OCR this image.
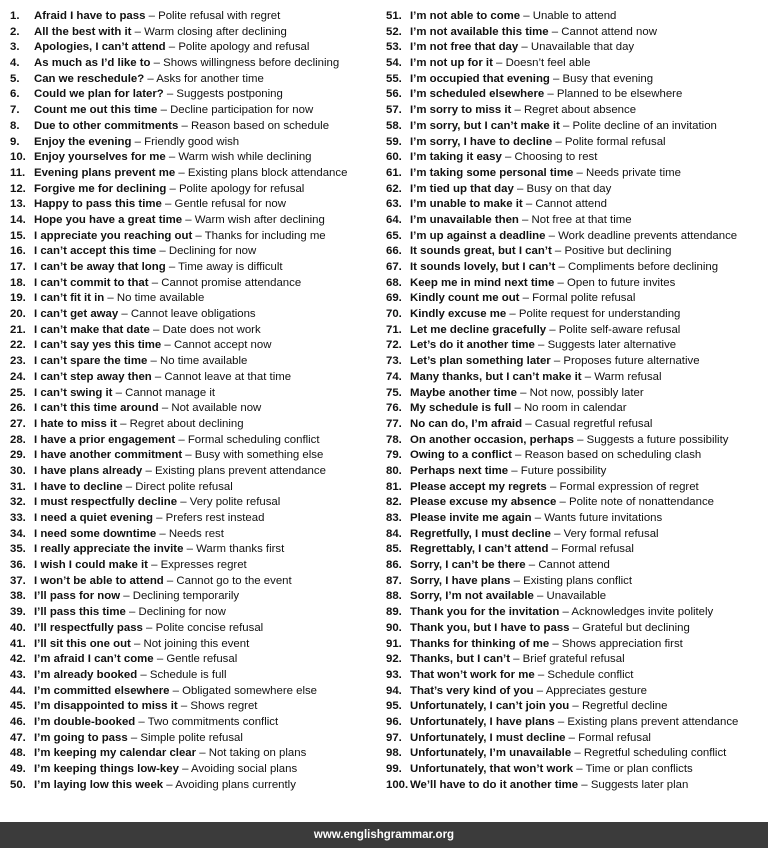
1. Afraid I have to pass – Polite refusal with regret
2. All the best with it – Warm closing after declining
3. Apologies, I can’t attend – Polite apology and refusal
4. As much as I’d like to – Shows willingness before declining
5. Can we reschedule? – Asks for another time
6. Could we plan for later? – Suggests postponing
7. Count me out this time – Decline participation for now
8. Due to other commitments – Reason based on schedule
9. Enjoy the evening – Friendly good wish
10. Enjoy yourselves for me – Warm wish while declining
11. Evening plans prevent me – Existing plans block attendance
12. Forgive me for declining – Polite apology for refusal
13. Happy to pass this time – Gentle refusal for now
14. Hope you have a great time – Warm wish after declining
15. I appreciate you reaching out – Thanks for including me
16. I can’t accept this time – Declining for now
17. I can’t be away that long – Time away is difficult
18. I can’t commit to that – Cannot promise attendance
19. I can’t fit it in – No time available
20. I can’t get away – Cannot leave obligations
21. I can’t make that date – Date does not work
22. I can’t say yes this time – Cannot accept now
23. I can’t spare the time – No time available
24. I can’t step away then – Cannot leave at that time
25. I can’t swing it – Cannot manage it
26. I can’t this time around – Not available now
27. I hate to miss it – Regret about declining
28. I have a prior engagement – Formal scheduling conflict
29. I have another commitment – Busy with something else
30. I have plans already – Existing plans prevent attendance
31. I have to decline – Direct polite refusal
32. I must respectfully decline – Very polite refusal
33. I need a quiet evening – Prefers rest instead
34. I need some downtime – Needs rest
35. I really appreciate the invite – Warm thanks first
36. I wish I could make it – Expresses regret
37. I won’t be able to attend – Cannot go to the event
38. I’ll pass for now – Declining temporarily
39. I’ll pass this time – Declining for now
40. I’ll respectfully pass – Polite concise refusal
41. I’ll sit this one out – Not joining this event
42. I’m afraid I can’t come – Gentle refusal
43. I’m already booked – Schedule is full
44. I’m committed elsewhere – Obligated somewhere else
45. I’m disappointed to miss it – Shows regret
46. I’m double-booked – Two commitments conflict
47. I’m going to pass – Simple polite refusal
48. I’m keeping my calendar clear – Not taking on plans
49. I’m keeping things low-key – Avoiding social plans
50. I’m laying low this week – Avoiding plans currently
51. I’m not able to come – Unable to attend
52. I’m not available this time – Cannot attend now
53. I’m not free that day – Unavailable that day
54. I’m not up for it – Doesn’t feel able
55. I’m occupied that evening – Busy that evening
56. I’m scheduled elsewhere – Planned to be elsewhere
57. I’m sorry to miss it – Regret about absence
58. I’m sorry, but I can’t make it – Polite decline of an invitation
59. I’m sorry, I have to decline – Polite formal refusal
60. I’m taking it easy – Choosing to rest
61. I’m taking some personal time – Needs private time
62. I’m tied up that day – Busy on that day
63. I’m unable to make it – Cannot attend
64. I’m unavailable then – Not free at that time
65. I’m up against a deadline – Work deadline prevents attendance
66. It sounds great, but I can’t – Positive but declining
67. It sounds lovely, but I can’t – Compliments before declining
68. Keep me in mind next time – Open to future invites
69. Kindly count me out – Formal polite refusal
70. Kindly excuse me – Polite request for understanding
71. Let me decline gracefully – Polite self-aware refusal
72. Let’s do it another time – Suggests later alternative
73. Let’s plan something later – Proposes future alternative
74. Many thanks, but I can’t make it – Warm refusal
75. Maybe another time – Not now, possibly later
76. My schedule is full – No room in calendar
77. No can do, I’m afraid – Casual regretful refusal
78. On another occasion, perhaps – Suggests a future possibility
79. Owing to a conflict – Reason based on scheduling clash
80. Perhaps next time – Future possibility
81. Please accept my regrets – Formal expression of regret
82. Please excuse my absence – Polite note of nonattendance
83. Please invite me again – Wants future invitations
84. Regretfully, I must decline – Very formal refusal
85. Regrettably, I can’t attend – Formal refusal
86. Sorry, I can’t be there – Cannot attend
87. Sorry, I have plans – Existing plans conflict
88. Sorry, I’m not available – Unavailable
89. Thank you for the invitation – Acknowledges invite politely
90. Thank you, but I have to pass – Grateful but declining
91. Thanks for thinking of me – Shows appreciation first
92. Thanks, but I can’t – Brief grateful refusal
93. That won’t work for me – Schedule conflict
94. That’s very kind of you – Appreciates gesture
95. Unfortunately, I can’t join you – Regretful decline
96. Unfortunately, I have plans – Existing plans prevent attendance
97. Unfortunately, I must decline – Formal refusal
98. Unfortunately, I’m unavailable – Regretful scheduling conflict
99. Unfortunately, that won’t work – Time or plan conflicts
100. We’ll have to do it another time – Suggests later plan
www.englishgrammar.org
